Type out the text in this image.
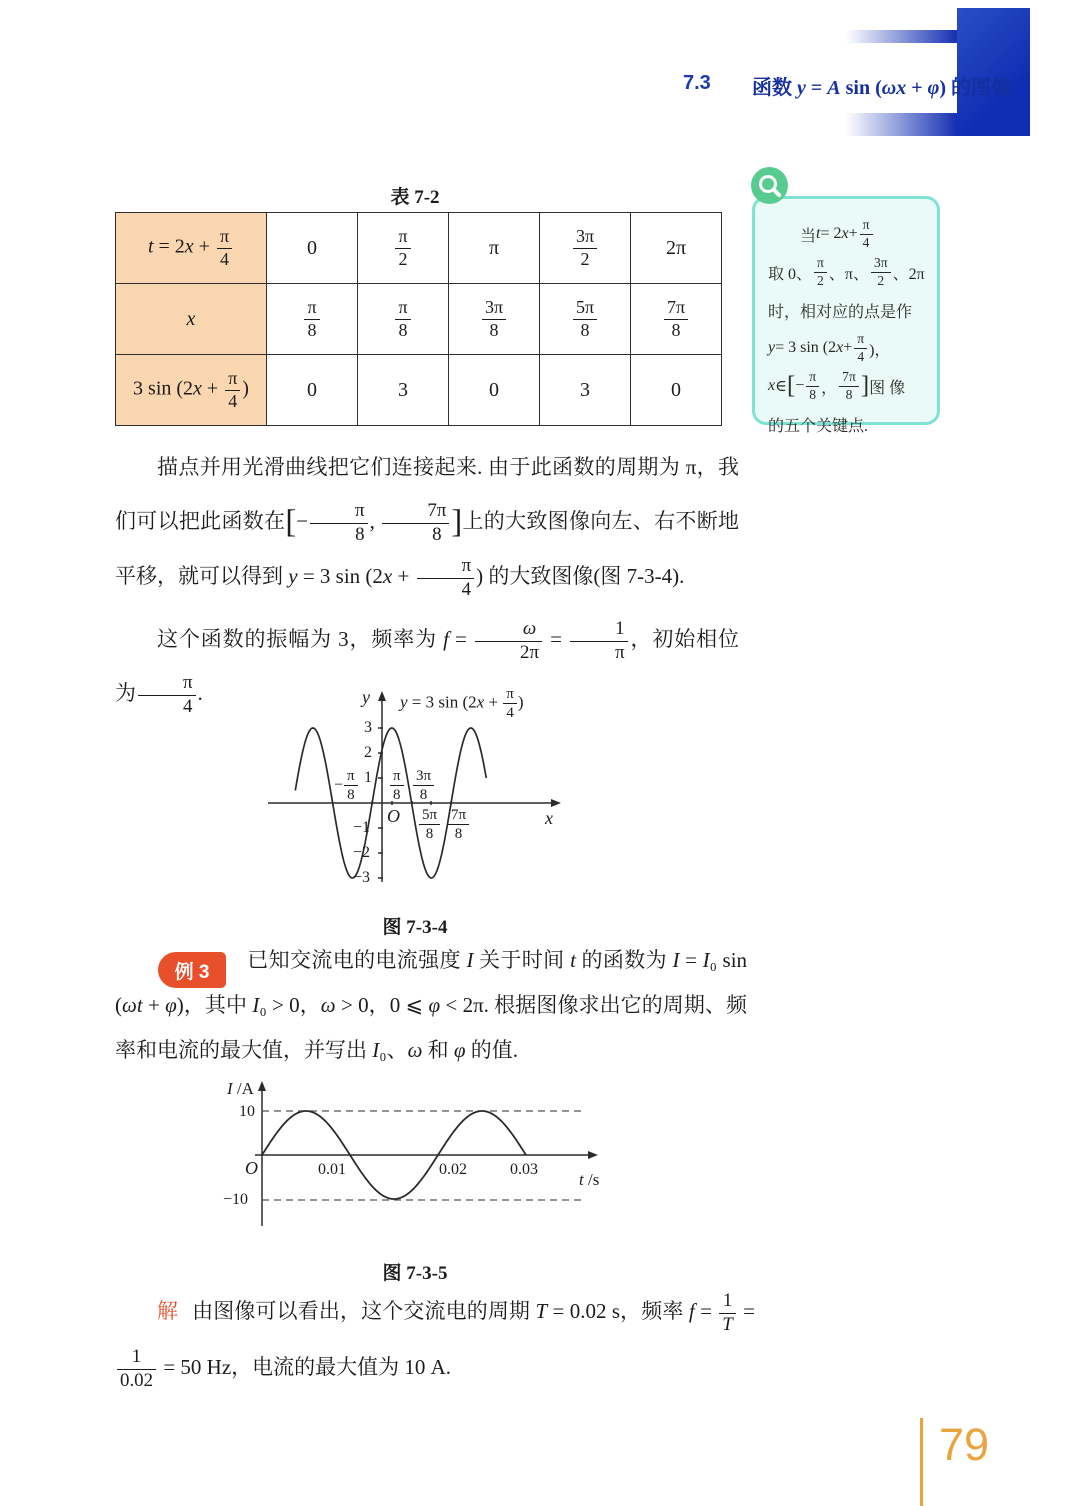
7.3 函数 y = A sin (ωx + φ) 的图像
表 7-2
$t = 2x + \frac{\pi}{4}$	0	$\frac{\pi}{2}$	π	$\frac{3\pi}{2}$	2π
x	$\frac{\pi}{8}$	$\frac{\pi}{8}$	$\frac{3\pi}{8}$	$\frac{5\pi}{8}$	$\frac{7\pi}{8}$

3 $\sin (2x + \frac{\pi}{4}$ )	0	3	0	3	0
当 t = 2 $x + \frac{\pi}{4}$
取 0、 $\frac{\pi}{2}$ 、π、 $\frac{3\pi}{2}$ 、2π
时，相对应的点是作
y = 3 sin (2 $x + \frac{\pi}{4}$ )，
x ∈ [ − $\frac{\pi}{8}$ ， $\frac{7\pi}{8}$ ] 图 像
的五个关键点.

描点并用光滑曲线把它们连接起来. 由于此函数的周期为 π，我们可以把此函数在[− $\frac{\pi}{8}$ , $\frac{7\pi}{8}$ ]上的大致图像向左、右不断地平移，就可以得到 y = 3 $\sin (2x + \frac{\pi}{4}$ ) 的大致图像(图 7-3-4).

这个函数的振幅为 3，频率为 $f = \frac{\omega}{2\pi} = \frac{1}{\pi}$ ，初始相位为 $\frac{\pi}{4}$ .	y y = 3 $\sin (2x + \frac{\pi}{4}$ )
3
2
1
−1
−2
−3
− $\frac{\pi}{8} \frac{\pi}{8} \frac{3\pi}{8}$
$\frac{5\pi}{8} \frac{7\pi}{8}$
O	x
图 7-3-4
例 3	已知交流电的电流强度 I 关于时间 t 的函数为 I = I₀ sin (ωt + φ)，其中 I₀ > 0，ω > 0，0 ⩽ φ < 2π. 根据图像求出它的周期、频率和电流的最大值，并写出 I₀、ω 和 φ 的值.

I /A
10
O
−10
0.01	0.02	0.03
t /s
图 7-3-5

解 由图像可以看出，这个交流电的周期 T = 0.02 s，频率 $f = \frac{1}{T}$ =
$\frac{1}{0.02} = 50$ Hz，电流的最大值为 10 A.

79
